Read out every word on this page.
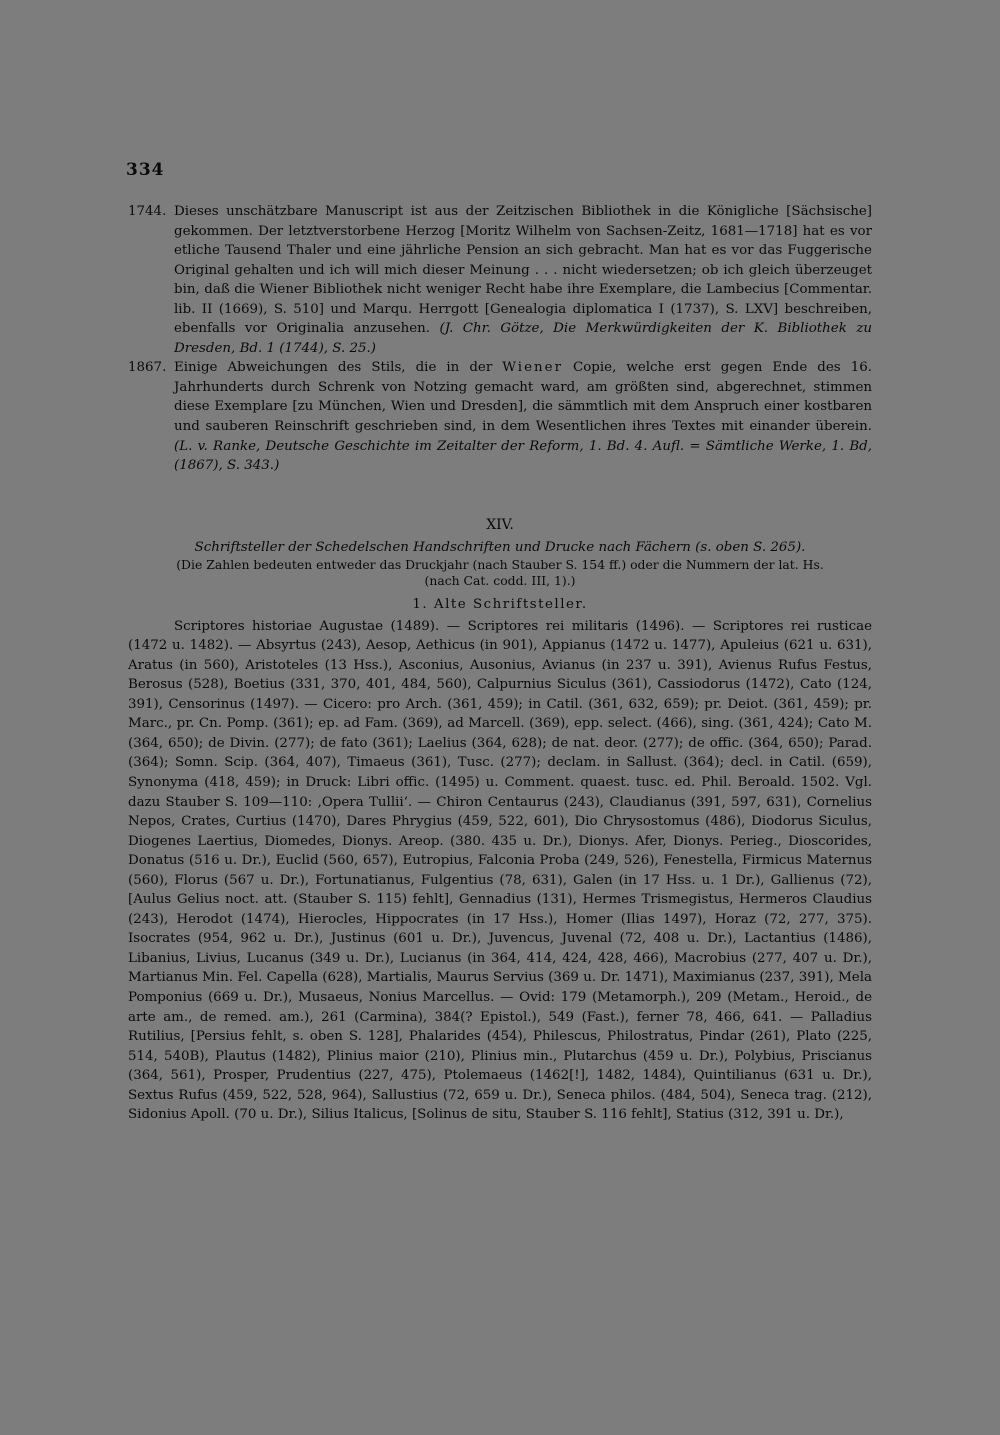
334

1744. Dieses unschätzbare Manuscript ist aus der Zeitzischen Bibliothek in die Königliche [Sächsische] gekommen. Der letztverstorbene Herzog [Moritz Wilhelm von Sachsen-Zeitz, 1681—1718] hat es vor etliche Tausend Thaler und eine jährliche Pension an sich gebracht. Man hat es vor das Fuggerische Original gehalten und ich will mich dieser Meinung . . . nicht wiedersetzen; ob ich gleich überzeuget bin, daß die Wiener Bibliothek nicht weniger Recht habe ihre Exemplare, die Lambecius [Commentar. lib. II (1669), S. 510] und Marqu. Herrgott [Genealogia diplomatica I (1737), S. LXV] beschreiben, ebenfalls vor Originalia anzusehen. (J. Chr. Götze, Die Merkwürdigkeiten der K. Bibliothek zu Dresden, Bd. 1 (1744), S. 25.)

1867. Einige Abweichungen des Stils, die in der Wiener Copie, welche erst gegen Ende des 16. Jahrhunderts durch Schrenk von Notzing gemacht ward, am größten sind, abgerechnet, stimmen diese Exemplare [zu München, Wien und Dresden], die sämmtlich mit dem Anspruch einer kostbaren und sauberen Reinschrift geschrieben sind, in dem Wesentlichen ihres Textes mit einander überein. (L. v. Ranke, Deutsche Geschichte im Zeitalter der Reform, 1. Bd. 4. Aufl. = Sämtliche Werke, 1. Bd, (1867), S. 343.)

XIV.
Schriftsteller der Schedelschen Handschriften und Drucke nach Fächern (s. oben S. 265).
(Die Zahlen bedeuten entweder das Druckjahr (nach Stauber S. 154 ff.) oder die Nummern der lat. Hs. (nach Cat. codd. III, 1).)
1. Alte Schriftsteller.

Scriptores historiae Augustae (1489). — Scriptores rei militaris (1496). — Scriptores rei rusticae (1472 u. 1482). — Absyrtus (243), Aesop, Aethicus (in 901), Appianus (1472 u. 1477), Apuleius (621 u. 631), Aratus (in 560), Aristoteles (13 Hss.), Asconius, Ausonius, Avianus (in 237 u. 391), Avienus Rufus Festus, Berosus (528), Boetius (331, 370, 401, 484, 560), Calpurnius Siculus (361), Cassiodorus (1472), Cato (124, 391), Censorinus (1497). — Cicero: pro Arch. (361, 459); in Catil. (361, 632, 659); pr. Deiot. (361, 459); pr. Marc., pr. Cn. Pomp. (361); ep. ad Fam. (369), ad Marcell. (369), epp. select. (466), sing. (361, 424); Cato M. (364, 650); de Divin. (277); de fato (361); Laelius (364, 628); de nat. deor. (277); de offic. (364, 650); Parad. (364); Somn. Scip. (364, 407), Timaeus (361), Tusc. (277); declam. in Sallust. (364); decl. in Catil. (659), Synonyma (418, 459); in Druck: Libri offic. (1495) u. Comment. quaest. tusc. ed. Phil. Beroald. 1502. Vgl. dazu Stauber S. 109—110: ‚Opera Tullii‘. — Chiron Centaurus (243), Claudianus (391, 597, 631), Cornelius Nepos, Crates, Curtius (1470), Dares Phrygius (459, 522, 601), Dio Chrysostomus (486), Diodorus Siculus, Diogenes Laertius, Diomedes, Dionys. Areop. (380. 435 u. Dr.), Dionys. Afer, Dionys. Perieg., Dioscorides, Donatus (516 u. Dr.), Euclid (560, 657), Eutropius, Falconia Proba (249, 526), Fenestella, Firmicus Maternus (560), Florus (567 u. Dr.), Fortunatianus, Fulgentius (78, 631), Galen (in 17 Hss. u. 1 Dr.), Gallienus (72), [Aulus Gelius noct. att. (Stauber S. 115) fehlt], Gennadius (131), Hermes Trismegistus, Hermeros Claudius (243), Herodot (1474), Hierocles, Hippocrates (in 17 Hss.), Homer (Ilias 1497), Horaz (72, 277, 375). Isocrates (954, 962 u. Dr.), Justinus (601 u. Dr.), Juvencus, Juvenal (72, 408 u. Dr.), Lactantius (1486), Libanius, Livius, Lucanus (349 u. Dr.), Lucianus (in 364, 414, 424, 428, 466), Macrobius (277, 407 u. Dr.), Martianus Min. Fel. Capella (628), Martialis, Maurus Servius (369 u. Dr. 1471), Maximianus (237, 391), Mela Pomponius (669 u. Dr.), Musaeus, Nonius Marcellus. — Ovid: 179 (Metamorph.), 209 (Metam., Heroid., de arte am., de remed. am.), 261 (Carmina), 384(? Epistol.), 549 (Fast.), ferner 78, 466, 641. — Palladius Rutilius, [Persius fehlt, s. oben S. 128], Phalarides (454), Philescus, Philostratus, Pindar (261), Plato (225, 514, 540B), Plautus (1482), Plinius maior (210), Plinius min., Plutarchus (459 u. Dr.), Polybius, Priscianus (364, 561), Prosper, Prudentius (227, 475), Ptolemaeus (1462[!], 1482, 1484), Quintilianus (631 u. Dr.), Sextus Rufus (459, 522, 528, 964), Sallustius (72, 659 u. Dr.), Seneca philos. (484, 504), Seneca trag. (212), Sidonius Apoll. (70 u. Dr.), Silius Italicus, [Solinus de situ, Stauber S. 116 fehlt], Statius (312, 391 u. Dr.),
